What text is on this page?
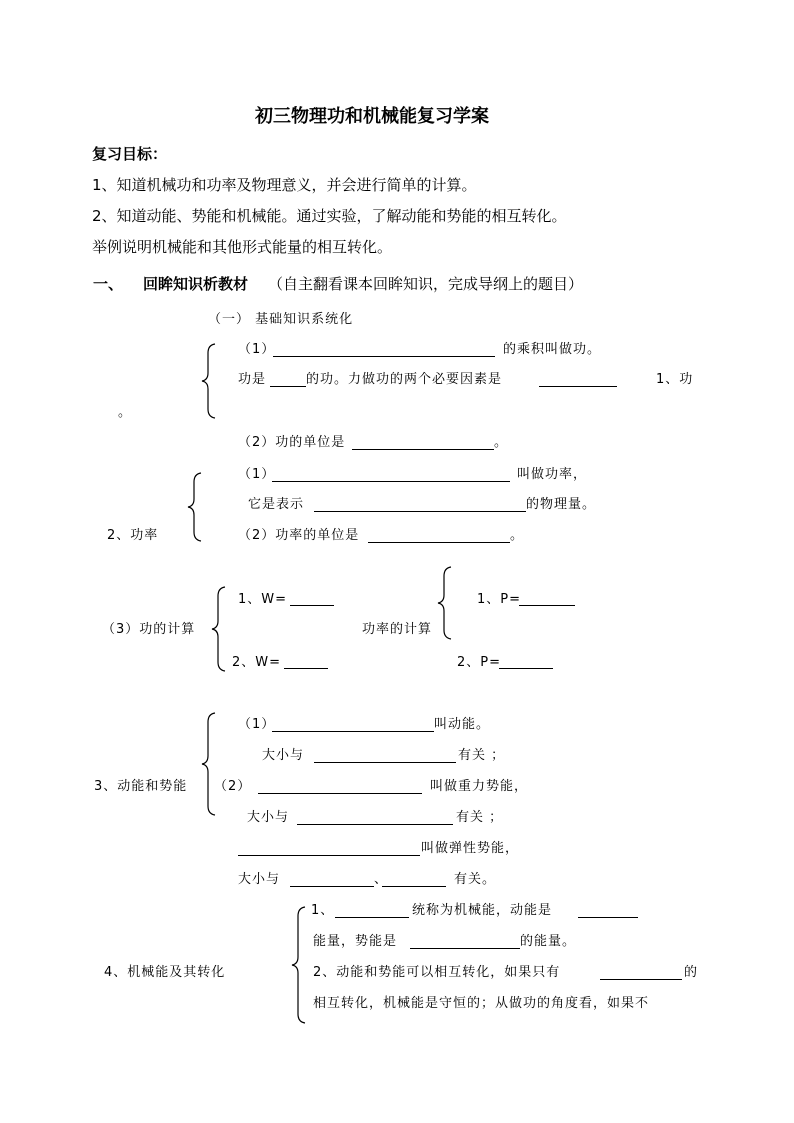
初三物理功和机械能复习学案
复习目标：
1、知道机械功和功率及物理意义，并会进行简单的计算。
2、知道动能、势能和机械能。通过实验，了解动能和势能的相互转化。
举例说明机械能和其他形式能量的相互转化。
一、 回眸知识析教材 （自主翻看课本回眸知识，完成导纲上的题目）
（一） 基础知识系统化
（1）	的乘积叫做功。
功是	的功。力做功的两个必要因素是	1、功
。
（2）功的单位是	。
（1）	叫做功率，
它是表示	的物理量。
2、功率	（2）功率的单位是	。
1、W=
（3）功的计算
2、W=
1、P=
功率的计算
2、P=
（1）	叫动能。
大小与	有关 ；
3、动能和势能 （2）	叫做重力势能，
大小与	有关 ；
叫做弹性势能，
大小与	、	有关。
1、	统称为机械能，动能是
能量，势能是	的能量。
4、机械能及其转化	2、动能和势能可以相互转化，如果只有	的
相互转化，机械能是守恒的；从做功的角度看，如果不
